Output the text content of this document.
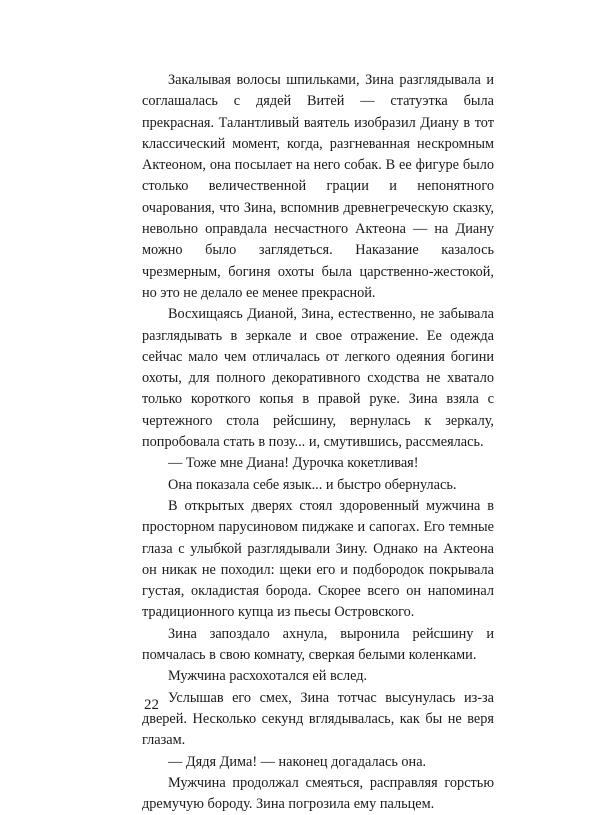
Закалывая волосы шпильками, Зина разглядывала и соглашалась с дядей Витей — статуэтка была прекрасная. Талантливый ваятель изобразил Диану в тот классический момент, когда, разгневанная нескромным Актеоном, она посылает на него собак. В ее фигуре было столько величественной грации и непонятного очарования, что Зина, вспомнив древнегреческую сказку, невольно оправдала несчастного Актеона — на Диану можно было заглядеться. Наказание казалось чрезмерным, богиня охоты была царственно-жестокой, но это не делало ее менее прекрасной.

Восхищаясь Дианой, Зина, естественно, не забывала разглядывать в зеркале и свое отражение. Ее одежда сейчас мало чем отличалась от легкого одеяния богини охоты, для полного декоративного сходства не хватало только короткого копья в правой руке. Зина взяла с чертежного стола рейсшину, вернулась к зеркалу, попробовала стать в позу... и, смутившись, рассмеялась.

— Тоже мне Диана! Дурочка кокетливая!

Она показала себе язык... и быстро обернулась.

В открытых дверях стоял здоровенный мужчина в просторном парусиновом пиджаке и сапогах. Его темные глаза с улыбкой разглядывали Зину. Однако на Актеона он никак не походил: щеки его и подбородок покрывала густая, окладистая борода. Скорее всего он напоминал традиционного купца из пьесы Островского.

Зина запоздало ахнула, выронила рейсшину и помчалась в свою комнату, сверкая белыми коленками.

Мужчина расхохотался ей вслед.

Услышав его смех, Зина тотчас высунулась из-за дверей. Несколько секунд вглядывалась, как бы не веря глазам.

— Дядя Дима! — наконец догадалась она.

Мужчина продолжал смеяться, расправляя горстью дремучую бороду. Зина погрозила ему пальцем.

22
